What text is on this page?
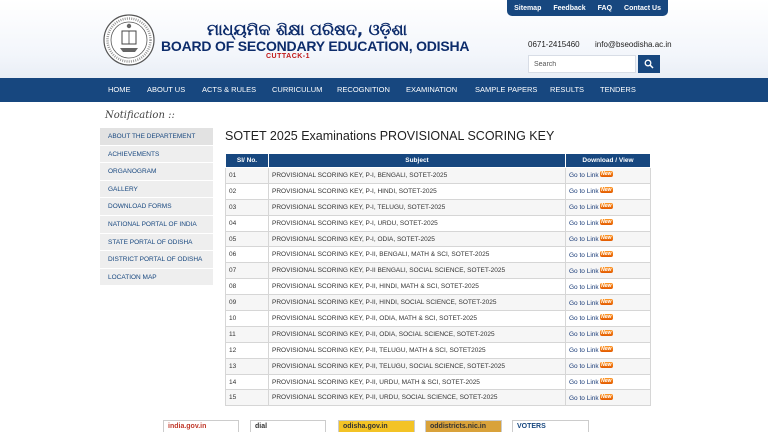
Sitemap Feedback FAQ Contact Us
ମାଧ୍ୟମିକ ଶିକ୍ଷା ପରିଷଦ, ଓଡ଼ିଶା
BOARD OF SECONDARY EDUCATION, ODISHA
CUTTACK-1
0671-2415460 info@bseodisha.ac.in
Search
HOME ABOUT US ACTS & RULES CURRICULUM RECOGNITION EXAMINATION SAMPLE PAPERS RESULTS TENDERS
Notification ::
ABOUT THE DEPARTEMENT
ACHIEVEMENTS
ORGANOGRAM
GALLERY
DOWNLOAD FORMS
NATIONAL PORTAL OF INDIA
STATE PORTAL OF ODISHA
DISTRICT PORTAL OF ODISHA
LOCATION MAP
SOTET 2025 Examinations PROVISIONAL SCORING KEY
Sl/ No.	Subject	Download / View
01	PROVISIONAL SCORING KEY, P-I, BENGALI, SOTET-2025	Go to Link New
02	PROVISIONAL SCORING KEY, P-I, HINDI, SOTET-2025	Go to Link New
03	PROVISIONAL SCORING KEY, P-I, TELUGU, SOTET-2025	Go to Link New
04	PROVISIONAL SCORING KEY, P-I, URDU, SOTET-2025	Go to Link New
05	PROVISIONAL SCORING KEY, P-I, ODIA, SOTET-2025	Go to Link New
06	PROVISIONAL SCORING KEY, P-II, BENGALI, MATH & SCI, SOTET-2025	Go to Link New
07	PROVISIONAL SCORING KEY, P-II BENGALI, SOCIAL SCIENCE, SOTET-2025	Go to Link New
08	PROVISIONAL SCORING KEY, P-II, HINDI, MATH & SCI, SOTET-2025	Go to Link New
09	PROVISIONAL SCORING KEY, P-II, HINDI, SOCIAL SCIENCE, SOTET-2025	Go to Link New
10	PROVISIONAL SCORING KEY, P-II, ODIA, MATH & SCI, SOTET-2025	Go to Link New
11	PROVISIONAL SCORING KEY, P-II, ODIA, SOCIAL SCIENCE, SOTET-2025	Go to Link New
12	PROVISIONAL SCORING KEY, P-II, TELUGU, MATH & SCI, SOTET2025	Go to Link New
13	PROVISIONAL SCORING KEY, P-II, TELUGU, SOCIAL SCIENCE, SOTET-2025	Go to Link New
14	PROVISIONAL SCORING KEY, P-II, URDU, MATH & SCI, SOTET-2025	Go to Link New
15	PROVISIONAL SCORING KEY, P-II, URDU, SOCIAL SCIENCE, SOTET-2025	Go to Link New
india.gov.in	dial	odisha.gov.in	oddistricts.nic.in	VOTERS
